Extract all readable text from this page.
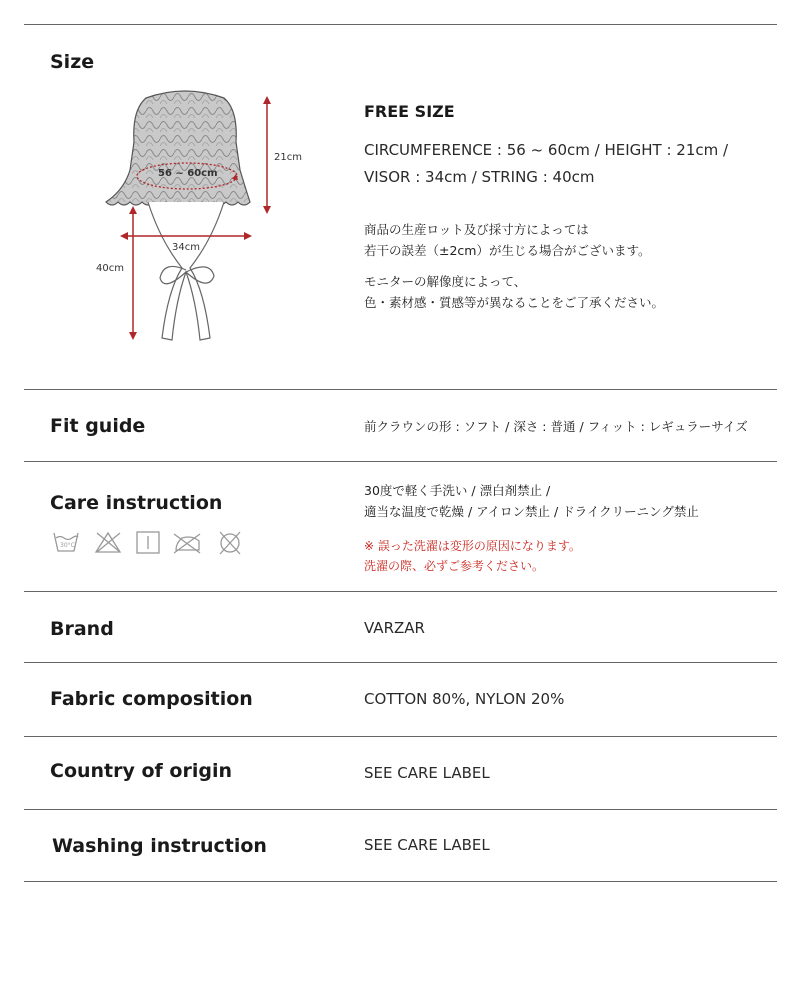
Size
56 ~ 60cm
21cm
34cm
40cm
FREE SIZE
CIRCUMFERENCE : 56 ~ 60cm / HEIGHT : 21cm /
VISOR : 34cm / STRING : 40cm
商品の生産ロット及び採寸方によっては
若干の誤差（±2cm）が生じる場合がございます。
モニターの解像度によって、
色・素材感・質感等が異なることをご了承ください。
Fit guide	前クラウンの形 : ソフト / 深さ : 普通 / フィット : レギュラーサイズ
Care instruction
30°C
30度で軽く手洗い / 漂白剤禁止 /
適当な温度で乾燥 / アイロン禁止 / ドライクリーニング禁止
※ 誤った洗濯は変形の原因になります。
洗濯の際、必ずご参考ください。
Brand	VARZAR
Fabric composition	COTTON 80%, NYLON 20%
Country of origin	SEE CARE LABEL
Washing instruction	SEE CARE LABEL
